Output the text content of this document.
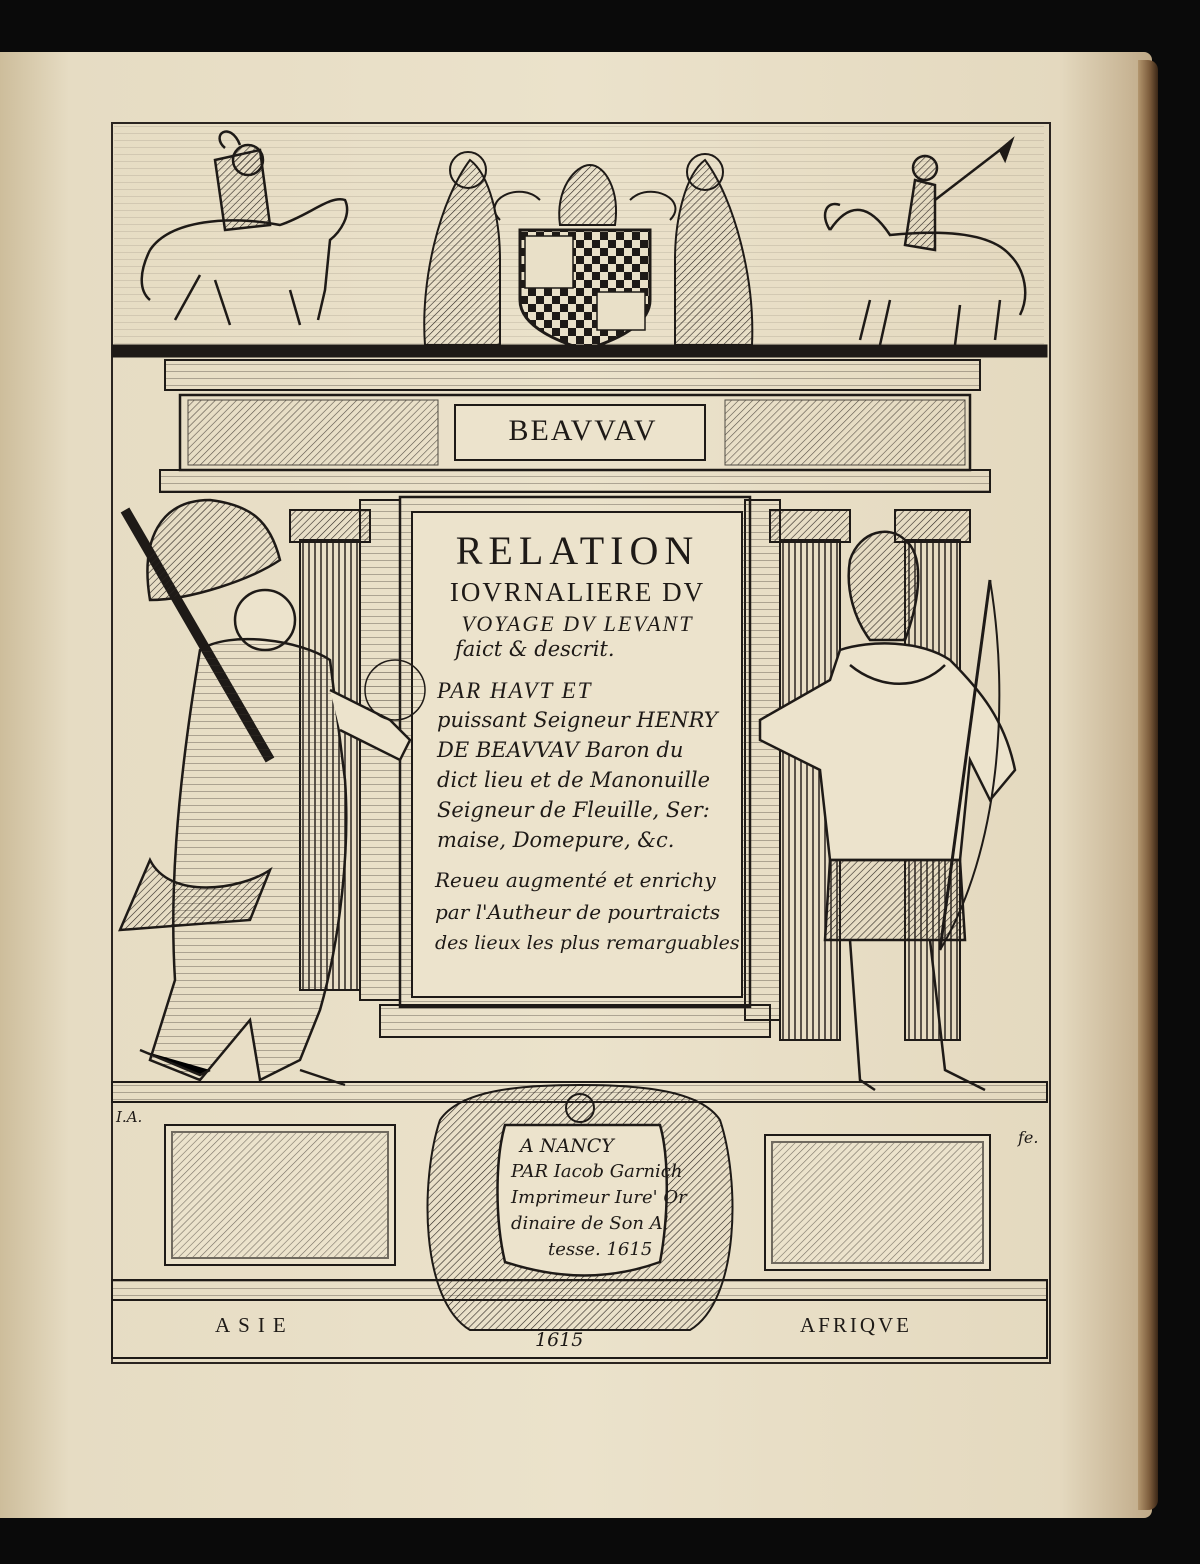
BEAVVAV
RELATION
IOVRNALIERE DV
VOYAGE DV LEVANT
faict & descrit.
PAR HAVT ET
puissant Seigneur HENRY
DE BEAVVAV Baron du
dict lieu et de Manonuille
Seigneur de Fleuille, Ser:
maise, Domepure, &c.
Reueu augmenté et enrichy
par l'Autheur de pourtraicts
des lieux les plus remarguables
A NANCY
PAR Iacob Garnich
Imprimeur Iure' Or
dinaire de Son Al
tesse. 1615
I.A.
fe.
ASIE
1615
AFRIQVE
